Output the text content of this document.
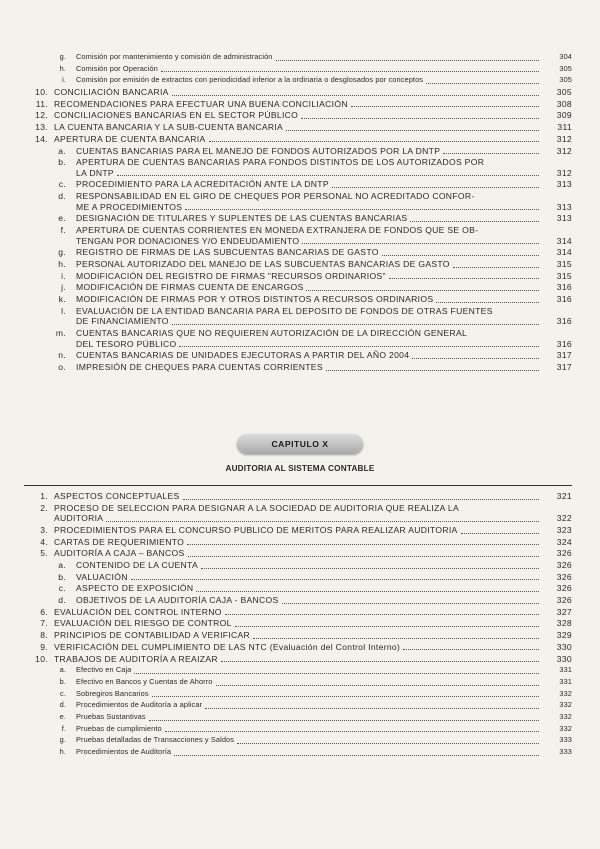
g. Comisión por mantenimiento y comisión de administración	304
h. Comisión por Operación	305
i. Comisión por emisión de extractos con periodicidad inferior a la ordinaria o desglosados por conceptos	305
10. CONCILIACIÓN BANCARIA	305
11. RECOMENDACIONES PARA EFECTUAR UNA BUENA CONCILIACIÓN	308
12. CONCILIACIONES BANCARIAS EN EL SECTOR PÚBLICO	309
13. LA CUENTA BANCARIA Y LA SUB-CUENTA BANCARIA	311
14. APERTURA DE CUENTA BANCARIA	312
a. CUENTAS BANCARIAS PARA EL MANEJO DE FONDOS AUTORIZADOS POR LA DNTP	312
b. APERTURA DE CUENTAS BANCARIAS PARA FONDOS DISTINTOS DE LOS AUTORIZADOS POR
LA DNTP	312
c. PROCEDIMIENTO PARA LA ACREDITACIÓN ANTE LA DNTP	313
d. RESPONSABILIDAD EN EL GIRO DE CHEQUES POR PERSONAL NO ACREDITADO CONFOR-
ME A PROCEDIMIENTOS	313
e. DESIGNACIÓN DE TITULARES Y SUPLENTES DE LAS CUENTAS BANCARIAS	313
f. APERTURA DE CUENTAS CORRIENTES EN MONEDA EXTRANJERA DE FONDOS QUE SE OB-
TENGAN POR DONACIONES Y/O ENDEUDAMIENTO	314
g. REGISTRO DE FIRMAS DE LAS SUBCUENTAS BANCARIAS DE GASTO	314
h. PERSONAL AUTORIZADO DEL MANEJO DE LAS SUBCUENTAS BANCARIAS DE GASTO	315
i. MODIFICACIÓN DEL REGISTRO DE FIRMAS "RECURSOS ORDINARIOS"	315
j. MODIFICACIÓN DE FIRMAS CUENTA DE ENCARGOS	316
k. MODIFICACIÓN DE FIRMAS POR Y OTROS DISTINTOS A RECURSOS ORDINARIOS	316
l. EVALUACIÓN DE LA ENTIDAD BANCARIA PARA EL DEPOSITO DE FONDOS DE OTRAS FUENTES
DE FINANCIAMIENTO	316
m. CUENTAS BANCARIAS QUE NO REQUIEREN AUTORIZACIÓN DE LA DIRECCIÓN GENERAL
DEL TESORO PÚBLICO	316
n. CUENTAS BANCARIAS DE UNIDADES EJECUTORAS A PARTIR DEL AÑO 2004	317
o. IMPRESIÓN DE CHEQUES PARA CUENTAS CORRIENTES	317
CAPITULO X
AUDITORIA AL SISTEMA CONTABLE
1. ASPECTOS CONCEPTUALES	321
2. PROCESO DE SELECCION PARA DESIGNAR A LA SOCIEDAD DE AUDITORIA QUE REALIZA LA
AUDITORIA	322
3. PROCEDIMIENTOS PARA EL CONCURSO PUBLICO DE MERITOS PARA REALIZAR AUDITORIA	323
4. CARTAS DE REQUERIMIENTO	324
5. AUDITORÍA A CAJA – BANCOS	326
a. CONTENIDO DE LA CUENTA	326
b. VALUACIÓN	326
c. ASPECTO DE EXPOSICIÓN	326
d. OBJETIVOS DE LA AUDITORÍA CAJA - BANCOS	326
6. EVALUACIÓN DEL CONTROL INTERNO	327
7. EVALUACIÓN DEL RIESGO DE CONTROL	328
8. PRINCIPIOS DE CONTABILIDAD A VERIFICAR	329
9. VERIFICACIÓN DEL CUMPLIMIENTO DE LAS NTC (Evaluación del Control Interno)	330
10. TRABAJOS DE AUDITORÍA A REAIZAR	330
a. Efectivo en Caja	331
b. Efectivo en Bancos y Cuentas de Ahorro	331
c. Sobregiros Bancarios	332
d. Procedimientos de Auditoría a aplicar	332
e. Pruebas Sustantivas	332
f. Pruebas de cumplimiento	332
g. Pruebas detalladas de Transacciones y Saldos	333
h. Procedimientos de Auditoría	333
